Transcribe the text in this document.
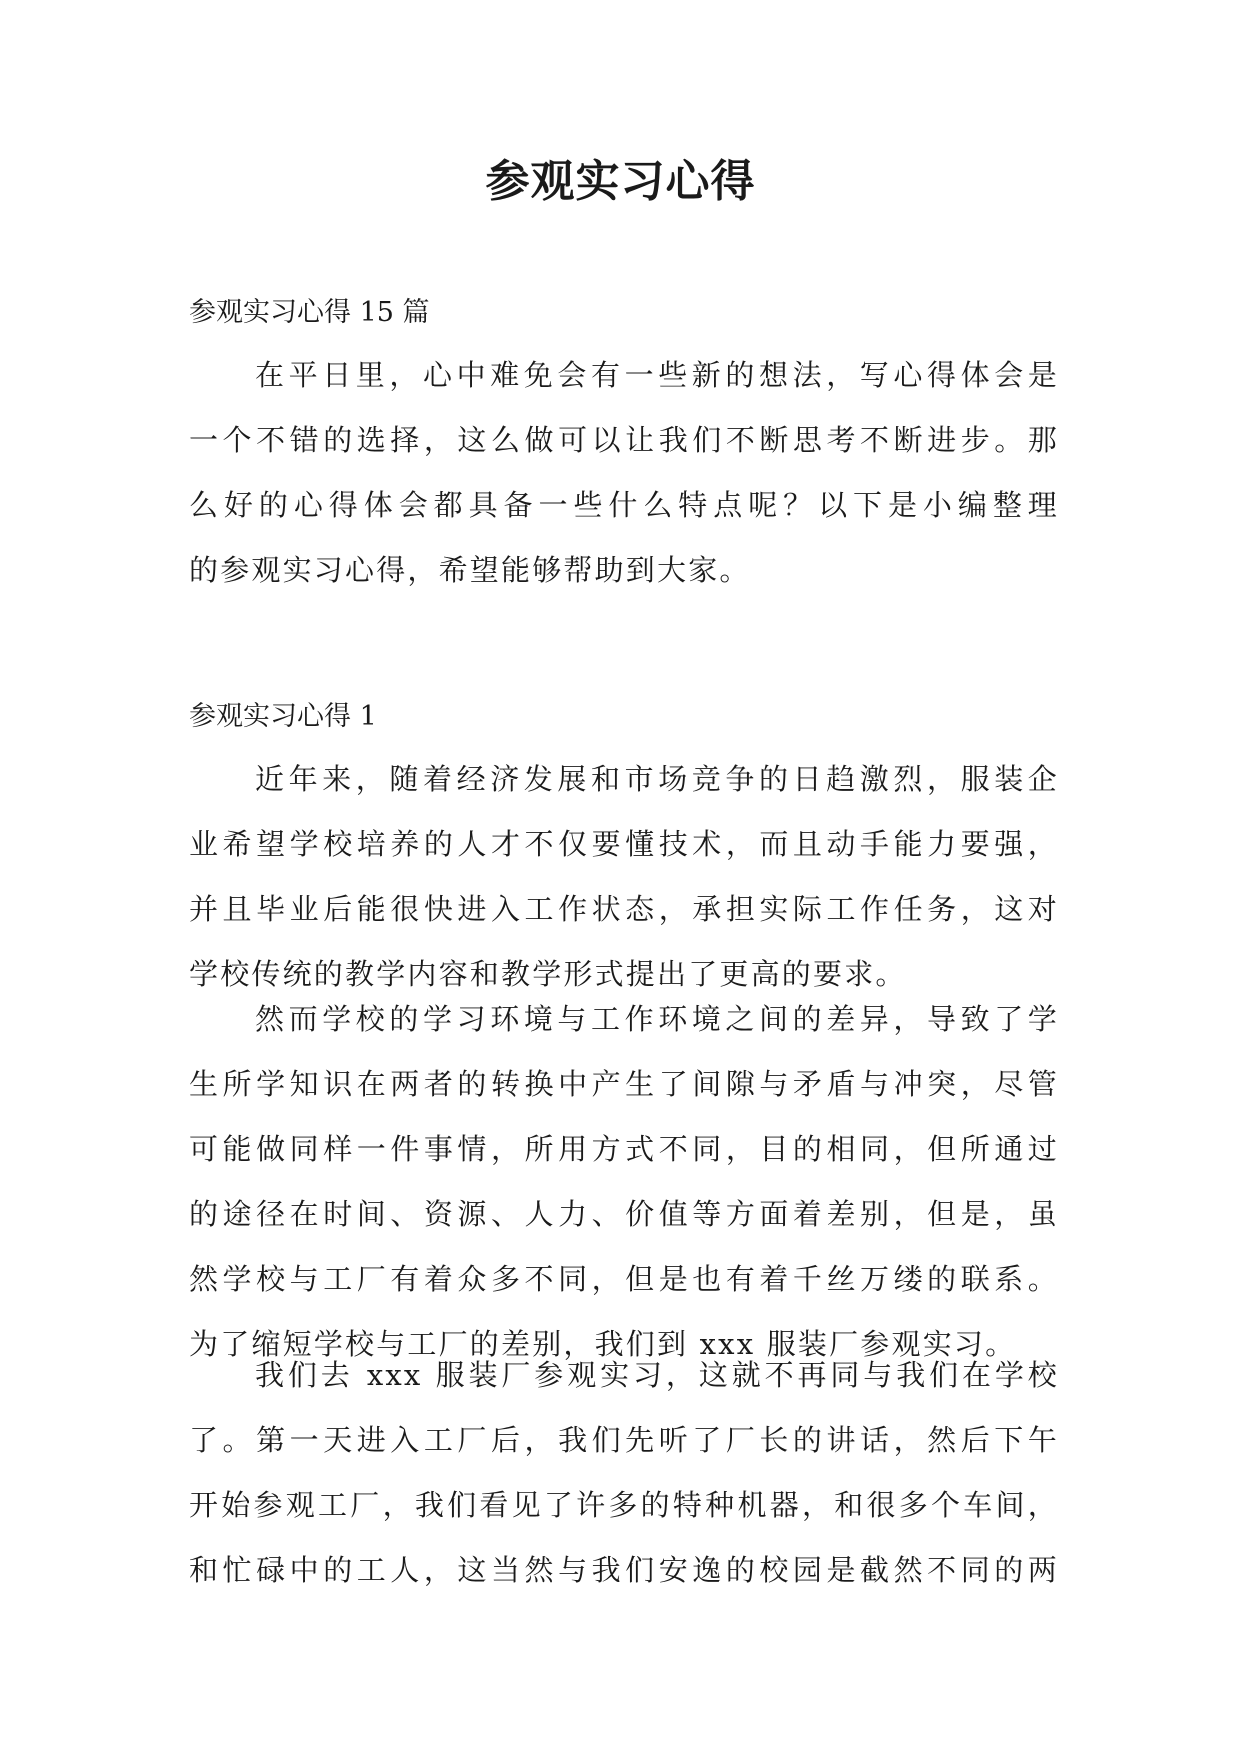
参观实习心得
参观实习心得 15 篇
在平日里，心中难免会有一些新的想法，写心得体会是
一个不错的选择，这么做可以让我们不断思考不断进步。那
么好的心得体会都具备一些什么特点呢？以下是小编整理
的参观实习心得，希望能够帮助到大家。
参观实习心得 1
近年来，随着经济发展和市场竞争的日趋激烈，服装企
业希望学校培养的人才不仅要懂技术，而且动手能力要强，
并且毕业后能很快进入工作状态，承担实际工作任务，这对
学校传统的教学内容和教学形式提出了更高的要求。
然而学校的学习环境与工作环境之间的差异，导致了学
生所学知识在两者的转换中产生了间隙与矛盾与冲突，尽管
可能做同样一件事情，所用方式不同，目的相同，但所通过
的途径在时间、资源、人力、价值等方面着差别，但是，虽
然学校与工厂有着众多不同，但是也有着千丝万缕的联系。
为了缩短学校与工厂的差别，我们到 xxx 服装厂参观实习。
我们去 xxx 服装厂参观实习，这就不再同与我们在学校
了。第一天进入工厂后，我们先听了厂长的讲话，然后下午
开始参观工厂，我们看见了许多的特种机器，和很多个车间，
和忙碌中的工人，这当然与我们安逸的校园是截然不同的两
